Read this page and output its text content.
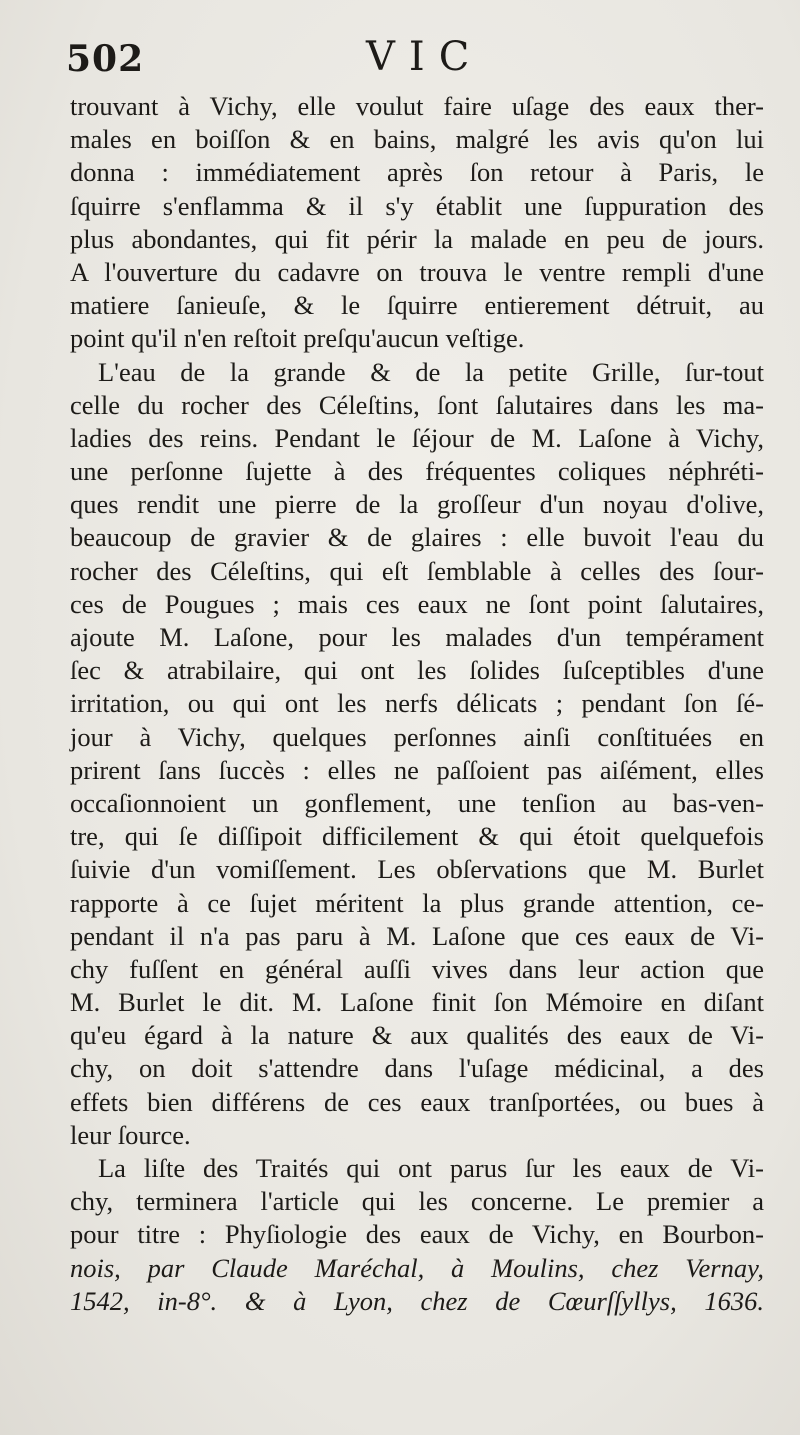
502	VIC
trouvant à Vichy, elle voulut faire uſage des eaux ther-
males en boiſſon & en bains, malgré les avis qu'on lui
donna : immédiatement après ſon retour à Paris, le
ſquirre s'enflamma & il s'y établit une ſuppuration des
plus abondantes, qui fit périr la malade en peu de jours.
A l'ouverture du cadavre on trouva le ventre rempli d'une
matiere ſanieuſe, & le ſquirre entierement détruit, au
point qu'il n'en reſtoit preſqu'aucun veſtige.
L'eau de la grande & de la petite Grille, ſur-tout
celle du rocher des Céleſtins, ſont ſalutaires dans les ma-
ladies des reins. Pendant le ſéjour de M. Laſone à Vichy,
une perſonne ſujette à des fréquentes coliques néphréti-
ques rendit une pierre de la groſſeur d'un noyau d'olive,
beaucoup de gravier & de glaires : elle buvoit l'eau du
rocher des Céleſtins, qui eſt ſemblable à celles des ſour-
ces de Pougues ; mais ces eaux ne ſont point ſalutaires,
ajoute M. Laſone, pour les malades d'un tempérament
ſec & atrabilaire, qui ont les ſolides ſuſceptibles d'une
irritation, ou qui ont les nerfs délicats ; pendant ſon ſé-
jour à Vichy, quelques perſonnes ainſi conſtituées en
prirent ſans ſuccès : elles ne paſſoient pas aiſément, elles
occaſionnoient un gonflement, une tenſion au bas-ven-
tre, qui ſe diſſipoit difficilement & qui étoit quelquefois
ſuivie d'un vomiſſement. Les obſervations que M. Burlet
rapporte à ce ſujet méritent la plus grande attention, ce-
pendant il n'a pas paru à M. Laſone que ces eaux de Vi-
chy fuſſent en général auſſi vives dans leur action que
M. Burlet le dit. M. Laſone finit ſon Mémoire en diſant
qu'eu égard à la nature & aux qualités des eaux de Vi-
chy, on doit s'attendre dans l'uſage médicinal, a des
effets bien différens de ces eaux tranſportées, ou bues à
leur ſource.
La liſte des Traités qui ont parus ſur les eaux de Vi-
chy, terminera l'article qui les concerne. Le premier a
pour titre : Phyſiologie des eaux de Vichy, en Bourbon-
nois, par Claude Maréchal, à Moulins, chez Vernay,
1542, in-8°. & à Lyon, chez de Cœurſſyllys, 1636.
